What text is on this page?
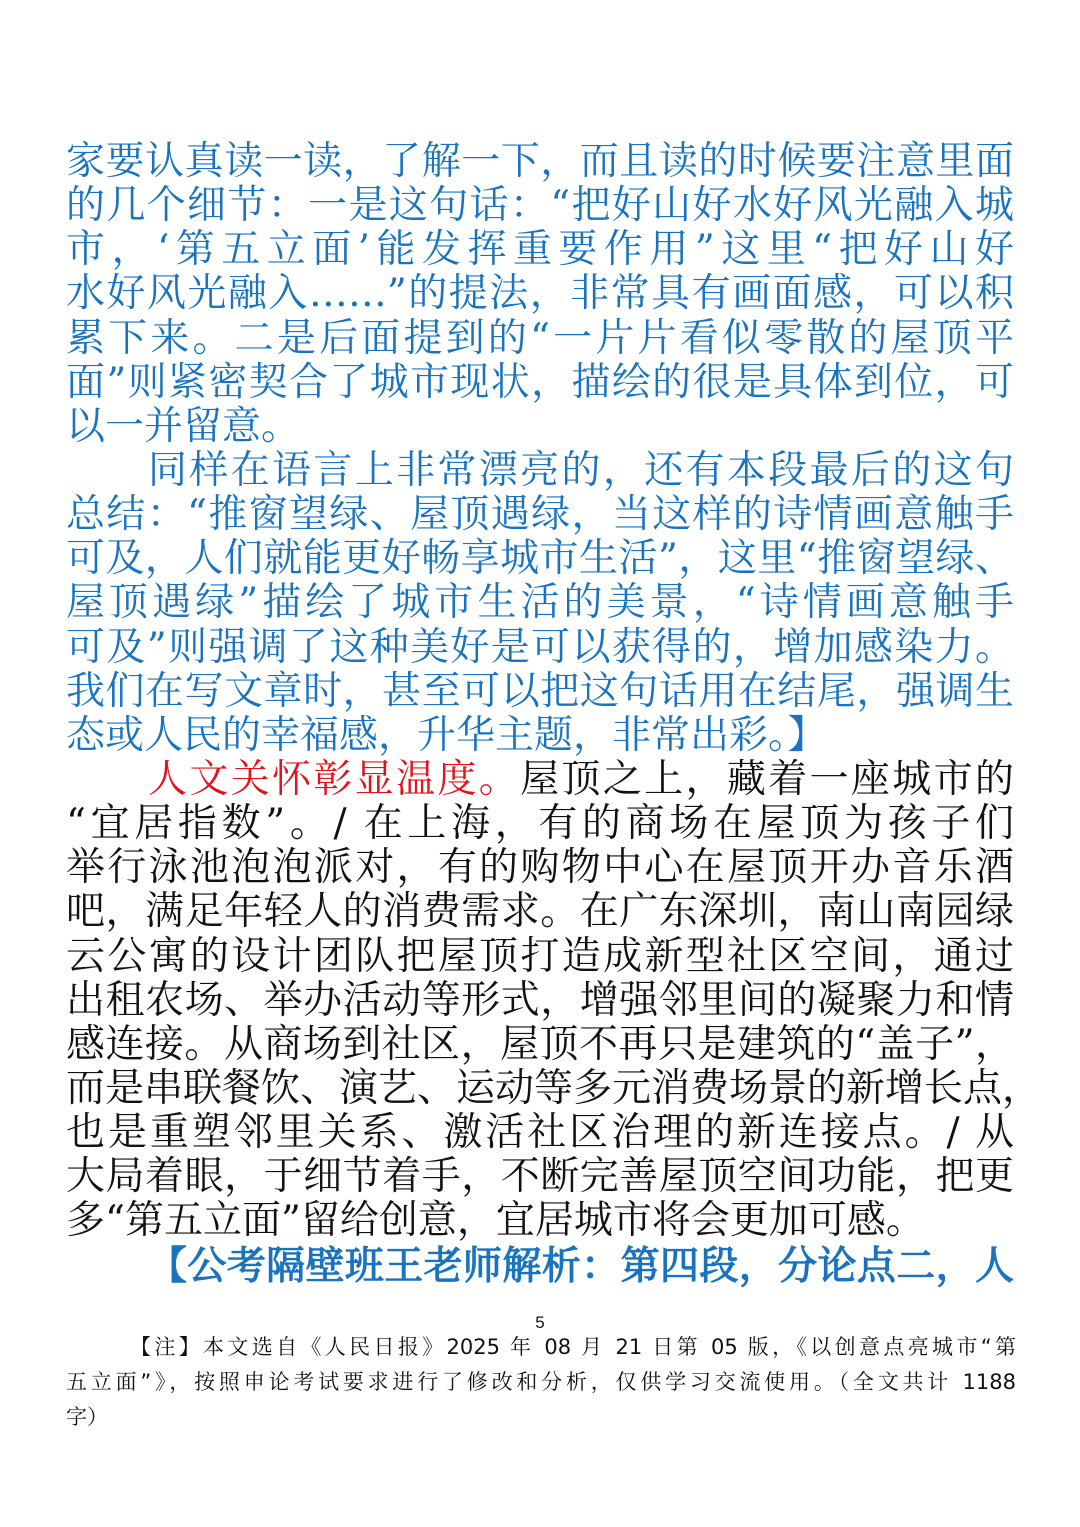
家要认真读一读，了解一下，而且读的时候要注意里面
的几个细节：一是这句话：“把好山好水好风光融入城
市，‘第五立面’能发挥重要作用”这里“把好山好
水好风光融入……”的提法，非常具有画面感，可以积
累下来。二是后面提到的“一片片看似零散的屋顶平
面”则紧密契合了城市现状，描绘的很是具体到位，可
以一并留意。
同样在语言上非常漂亮的，还有本段最后的这句
总结：“推窗望绿、屋顶遇绿，当这样的诗情画意触手
可及，人们就能更好畅享城市生活”，这里“推窗望绿、
屋顶遇绿”描绘了城市生活的美景，“诗情画意触手
可及”则强调了这种美好是可以获得的，增加感染力。
我们在写文章时，甚至可以把这句话用在结尾，强调生
态或人民的幸福感，升华主题，非常出彩。】
人文关怀彰显温度。屋顶之上，藏着一座城市的
“宜居指数”。/ 在上海，有的商场在屋顶为孩子们
举行泳池泡泡派对，有的购物中心在屋顶开办音乐酒
吧，满足年轻人的消费需求。在广东深圳，南山南园绿
云公寓的设计团队把屋顶打造成新型社区空间，通过
出租农场、举办活动等形式，增强邻里间的凝聚力和情
感连接。从商场到社区，屋顶不再只是建筑的“盖子”，
而是串联餐饮、演艺、运动等多元消费场景的新增长点，
也是重塑邻里关系、激活社区治理的新连接点。/ 从
大局着眼，于细节着手，不断完善屋顶空间功能，把更
多“第五立面”留给创意，宜居城市将会更加可感。
【公考隔壁班王老师解析：第四段，分论点二，人
5
【注】本文选自《人民日报》2025 年 08 月 21 日第 05 版，《以创意点亮城市“第
五立面”》，按照申论考试要求进行了修改和分析，仅供学习交流使用。（全文共计 1188
字）
